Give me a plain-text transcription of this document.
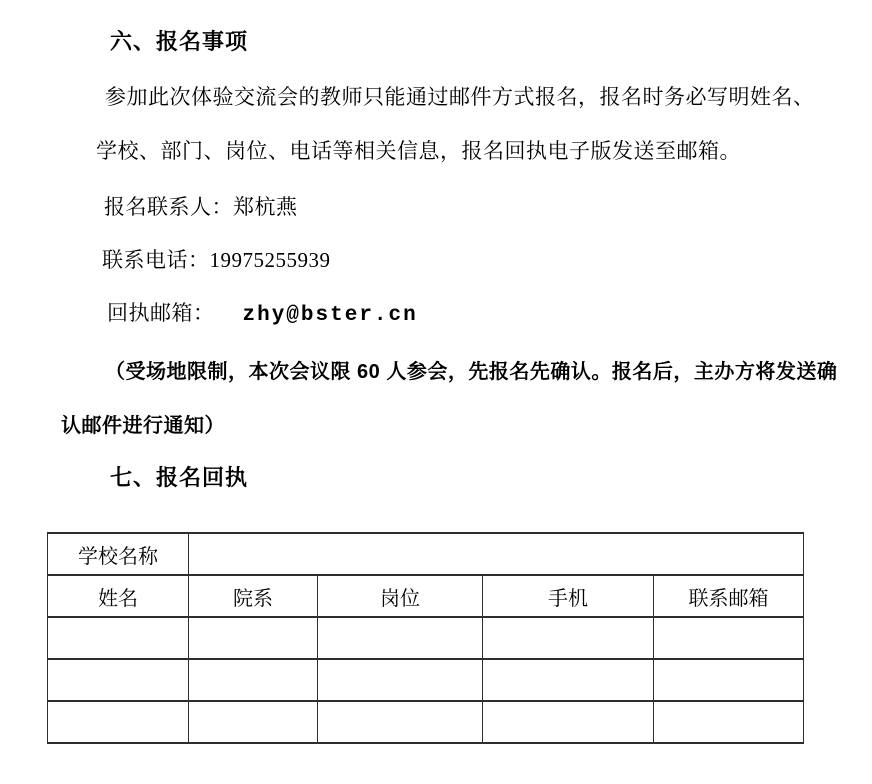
六、报名事项
参加此次体验交流会的教师只能通过邮件方式报名，报名时务必写明姓名、
学校、部门、岗位、电话等相关信息，报名回执电子版发送至邮箱。
报名联系人：郑杭燕
联系电话：19975255939
回执邮箱： zhy@bster.cn
（受场地限制，本次会议限 60 人参会，先报名先确认。报名后，主办方将发送确
认邮件进行通知）
七、报名回执
学校名称				
姓名	院系	岗位	手机	联系邮箱
